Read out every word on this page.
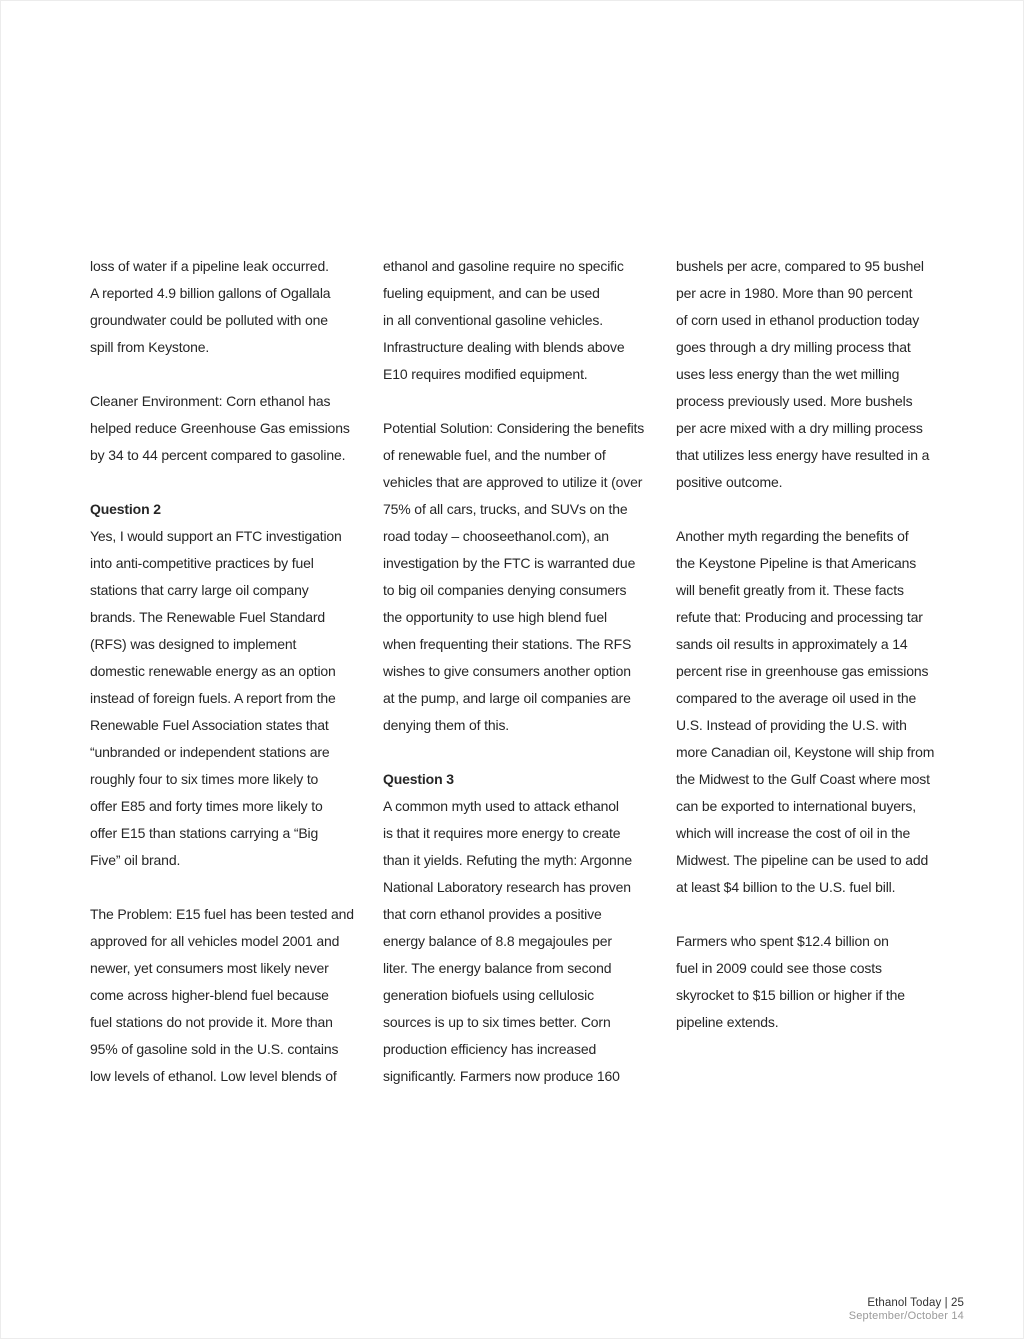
loss of water if a pipeline leak occurred.
A reported 4.9 billion gallons of Ogallala
groundwater could be polluted with one
spill from Keystone.
Cleaner Environment: Corn ethanol has
helped reduce Greenhouse Gas emissions
by 34 to 44 percent compared to gasoline.
Question 2
Yes, I would support an FTC investigation
into anti-competitive practices by fuel
stations that carry large oil company
brands. The Renewable Fuel Standard
(RFS) was designed to implement
domestic renewable energy as an option
instead of foreign fuels. A report from the
Renewable Fuel Association states that
“unbranded or independent stations are
roughly four to six times more likely to
offer E85 and forty times more likely to
offer E15 than stations carrying a “Big
Five” oil brand.
The Problem: E15 fuel has been tested and
approved for all vehicles model 2001 and
newer, yet consumers most likely never
come across higher-blend fuel because
fuel stations do not provide it. More than
95% of gasoline sold in the U.S. contains
low levels of ethanol. Low level blends of
ethanol and gasoline require no specific
fueling equipment, and can be used
in all conventional gasoline vehicles.
Infrastructure dealing with blends above
E10 requires modified equipment.
Potential Solution: Considering the benefits
of renewable fuel, and the number of
vehicles that are approved to utilize it (over
75% of all cars, trucks, and SUVs on the
road today – chooseethanol.com), an
investigation by the FTC is warranted due
to big oil companies denying consumers
the opportunity to use high blend fuel
when frequenting their stations. The RFS
wishes to give consumers another option
at the pump, and large oil companies are
denying them of this.
Question 3
A common myth used to attack ethanol
is that it requires more energy to create
than it yields. Refuting the myth: Argonne
National Laboratory research has proven
that corn ethanol provides a positive
energy balance of 8.8 megajoules per
liter. The energy balance from second
generation biofuels using cellulosic
sources is up to six times better. Corn
production efficiency has increased
significantly. Farmers now produce 160
bushels per acre, compared to 95 bushel
per acre in 1980. More than 90 percent
of corn used in ethanol production today
goes through a dry milling process that
uses less energy than the wet milling
process previously used. More bushels
per acre mixed with a dry milling process
that utilizes less energy have resulted in a
positive outcome.
Another myth regarding the benefits of
the Keystone Pipeline is that Americans
will benefit greatly from it. These facts
refute that: Producing and processing tar
sands oil results in approximately a 14
percent rise in greenhouse gas emissions
compared to the average oil used in the
U.S. Instead of providing the U.S. with
more Canadian oil, Keystone will ship from
the Midwest to the Gulf Coast where most
can be exported to international buyers,
which will increase the cost of oil in the
Midwest. The pipeline can be used to add
at least $4 billion to the U.S. fuel bill.
Farmers who spent $12.4 billion on
fuel in 2009 could see those costs
skyrocket to $15 billion or higher if the
pipeline extends.
Ethanol Today | 25
September/October 14
